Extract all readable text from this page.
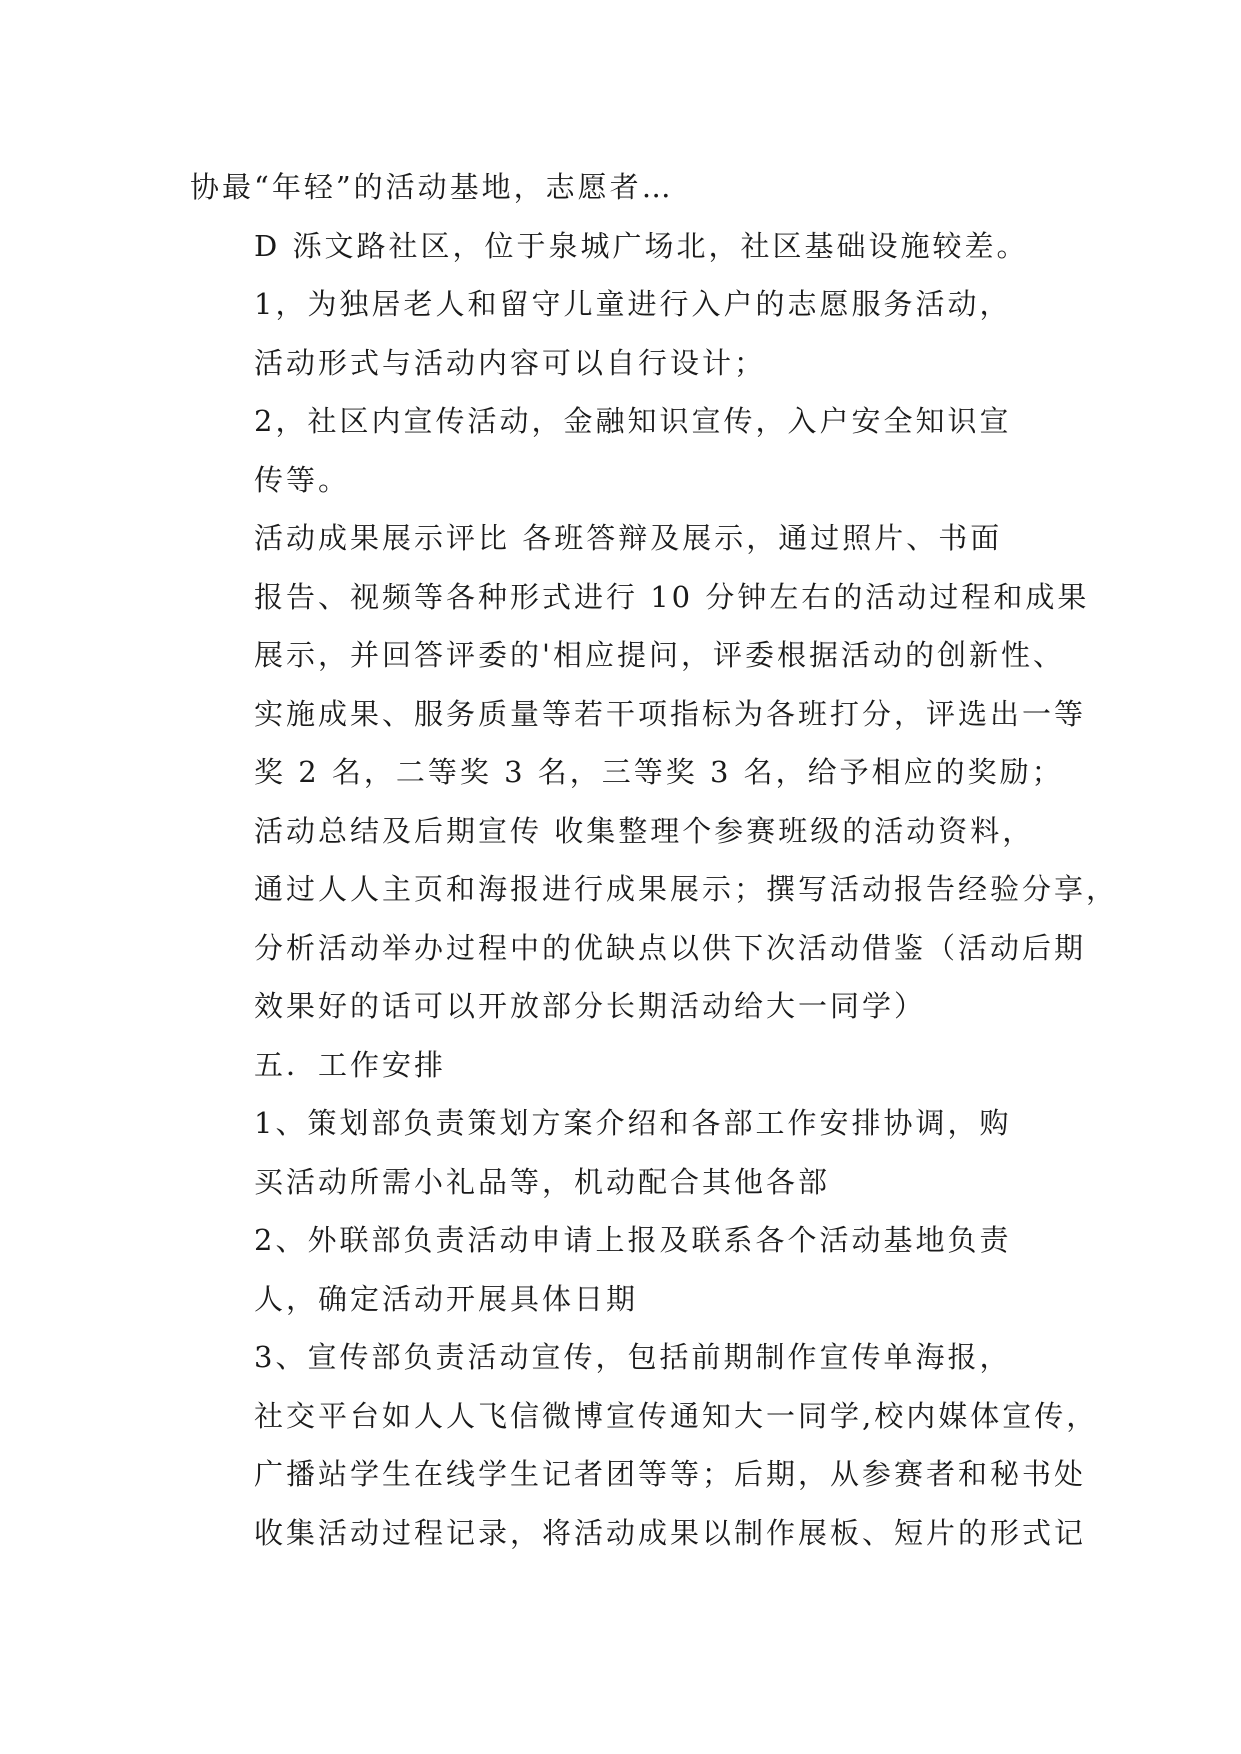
协最“年轻”的活动基地，志愿者…
D 泺文路社区，位于泉城广场北，社区基础设施较差。
1，为独居老人和留守儿童进行入户的志愿服务活动，
活动形式与活动内容可以自行设计；
2，社区内宣传活动，金融知识宣传，入户安全知识宣
传等。
活动成果展示评比 各班答辩及展示，通过照片、书面
报告、视频等各种形式进行 10 分钟左右的活动过程和成果
展示，并回答评委的'相应提问，评委根据活动的创新性、
实施成果、服务质量等若干项指标为各班打分，评选出一等
奖 2 名，二等奖 3 名，三等奖 3 名，给予相应的奖励；
活动总结及后期宣传 收集整理个参赛班级的活动资料，
通过人人主页和海报进行成果展示；撰写活动报告经验分享，
分析活动举办过程中的优缺点以供下次活动借鉴（活动后期
效果好的话可以开放部分长期活动给大一同学）
五．工作安排
1、策划部负责策划方案介绍和各部工作安排协调，购
买活动所需小礼品等，机动配合其他各部
2、外联部负责活动申请上报及联系各个活动基地负责
人，确定活动开展具体日期
3、宣传部负责活动宣传，包括前期制作宣传单海报，
社交平台如人人飞信微博宣传通知大一同学,校内媒体宣传，
广播站学生在线学生记者团等等；后期，从参赛者和秘书处
收集活动过程记录，将活动成果以制作展板、短片的形式记
